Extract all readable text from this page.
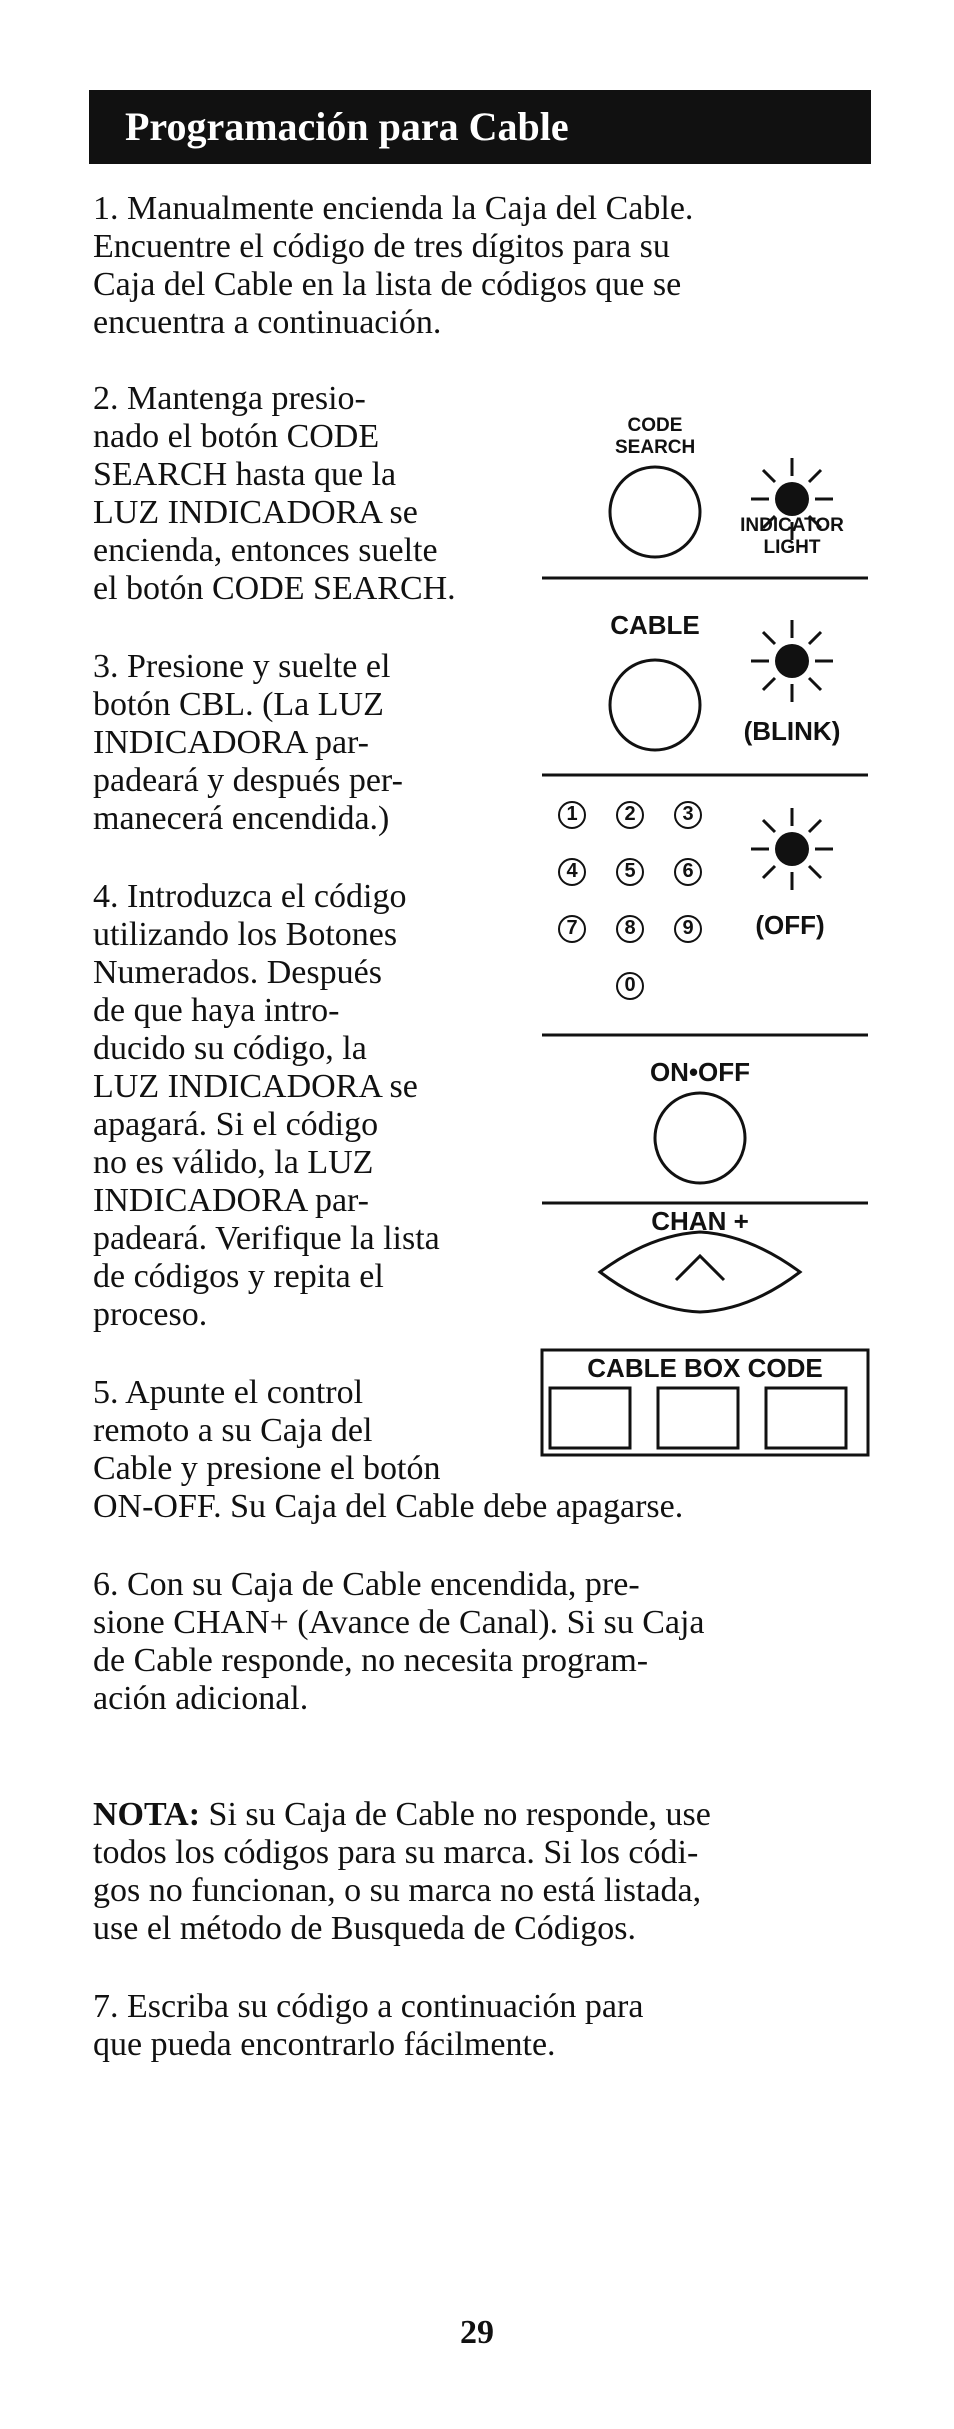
Programación para Cable
1. Manualmente encienda la Caja del Cable.
Encuentre el código de tres dígitos para su
Caja del Cable en la lista de códigos que se
encuentra a continuación.
2. Mantenga presio-
nado el botón CODE
SEARCH hasta que la
LUZ INDICADORA se
encienda, entonces suelte
el botón CODE SEARCH.
3. Presione y suelte el
botón CBL. (La LUZ
INDICADORA par-
padeará y después per-
manecerá encendida.)
4. Introduzca el código
utilizando los Botones
Numerados. Después
de que haya intro-
ducido su código, la
LUZ INDICADORA se
apagará. Si el código
no es válido, la LUZ
INDICADORA par-
padeará. Verifique la lista
de códigos y repita el
proceso.
5. Apunte el control
remoto a su Caja del
Cable y presione el botón
ON-OFF. Su Caja del Cable debe apagarse.
6. Con su Caja de Cable encendida, pre-
sione CHAN+ (Avance de Canal). Si su Caja
de Cable responde, no necesita program-
ación adicional.
NOTA: Si su Caja de Cable no responde, use
todos los códigos para su marca. Si los códi-
gos no funcionan, o su marca no está listada,
use el método de Busqueda de Códigos.
7. Escriba su código a continuación para
que pueda encontrarlo fácilmente.
29
CODE
SEARCH
INDICATOR
LIGHT
CABLE
(BLINK)
1	2	3
4	5	6
7	8	9
0
(OFF)
ON•OFF
CHAN +
CABLE BOX CODE
